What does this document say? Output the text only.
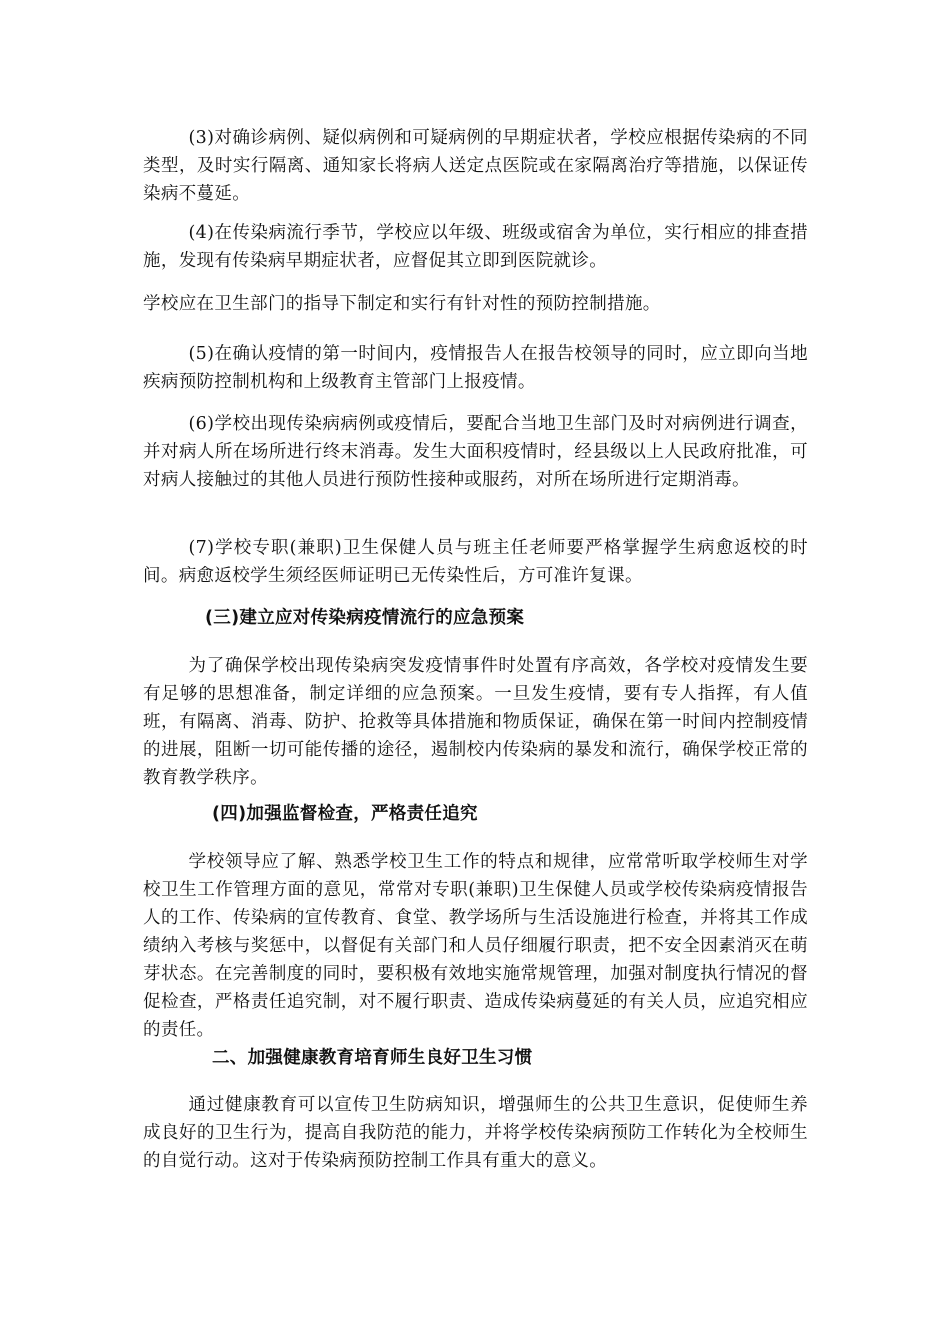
(3)对确诊病例、疑似病例和可疑病例的早期症状者，学校应根据传染病的不同类型，及时实行隔离、通知家长将病人送定点医院或在家隔离治疗等措施，以保证传染病不蔓延。

(4)在传染病流行季节，学校应以年级、班级或宿舍为单位，实行相应的排查措施，发现有传染病早期症状者，应督促其立即到医院就诊。

学校应在卫生部门的指导下制定和实行有针对性的预防控制措施。

(5)在确认疫情的第一时间内，疫情报告人在报告校领导的同时，应立即向当地疾病预防控制机构和上级教育主管部门上报疫情。

(6)学校出现传染病病例或疫情后，要配合当地卫生部门及时对病例进行调查，并对病人所在场所进行终末消毒。发生大面积疫情时，经县级以上人民政府批准，可对病人接触过的其他人员进行预防性接种或服药，对所在场所进行定期消毒。

(7)学校专职(兼职)卫生保健人员与班主任老师要严格掌握学生病愈返校的时间。病愈返校学生须经医师证明已无传染性后，方可准许复课。

(三)建立应对传染病疫情流行的应急预案

为了确保学校出现传染病突发疫情事件时处置有序高效，各学校对疫情发生要有足够的思想准备，制定详细的应急预案。一旦发生疫情，要有专人指挥，有人值班，有隔离、消毒、防护、抢救等具体措施和物质保证，确保在第一时间内控制疫情的进展，阻断一切可能传播的途径，遏制校内传染病的暴发和流行，确保学校正常的教育教学秩序。

(四)加强监督检查，严格责任追究

学校领导应了解、熟悉学校卫生工作的特点和规律，应常常听取学校师生对学校卫生工作管理方面的意见，常常对专职(兼职)卫生保健人员或学校传染病疫情报告人的工作、传染病的宣传教育、食堂、教学场所与生活设施进行检查，并将其工作成绩纳入考核与奖惩中，以督促有关部门和人员仔细履行职责，把不安全因素消灭在萌芽状态。在完善制度的同时，要积极有效地实施常规管理，加强对制度执行情况的督促检查，严格责任追究制，对不履行职责、造成传染病蔓延的有关人员，应追究相应的责任。

二、加强健康教育培育师生良好卫生习惯

通过健康教育可以宣传卫生防病知识，增强师生的公共卫生意识，促使师生养成良好的卫生行为，提高自我防范的能力，并将学校传染病预防工作转化为全校师生的自觉行动。这对于传染病预防控制工作具有重大的意义。
